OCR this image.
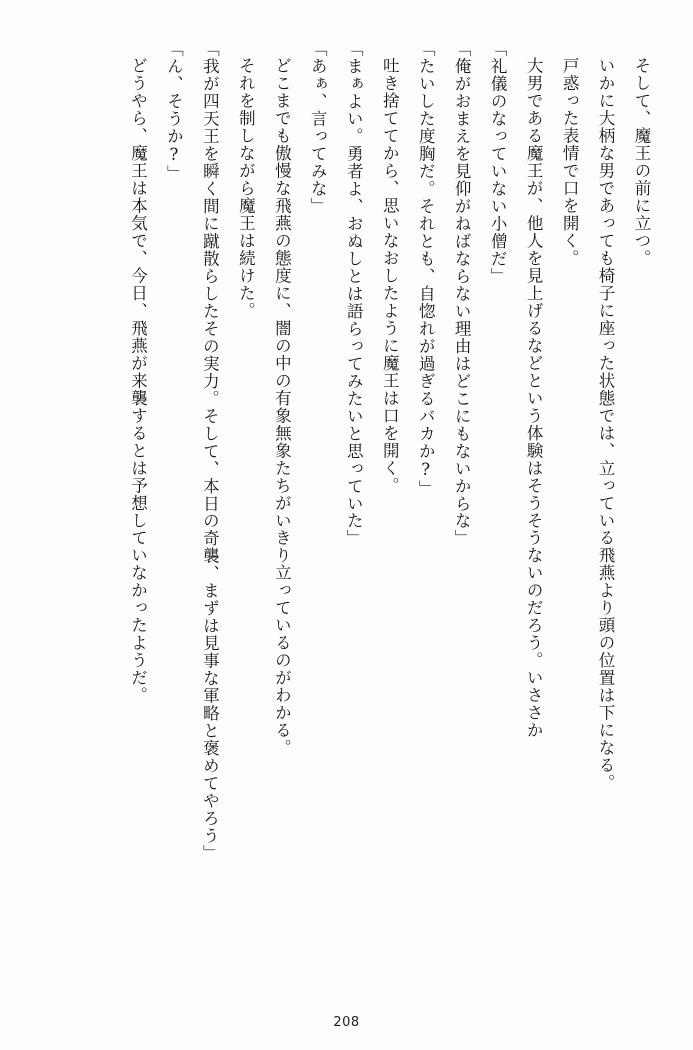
そして、魔王の前に立つ。

いかに大柄な男であっても椅子に座った状態では、立っている飛燕より頭の位置は下になる。

戸惑った表情で口を開く。

大男である魔王が、他人を見上げるなどという体験はそうそうないのだろう。いささか

「礼儀のなっていない小僧だ」

「俺がおまえを見仰がねばならない理由はどこにもないからな」

「たいした度胸だ。それとも、自惚れが過ぎるバカか?」

吐き捨ててから、思いなおしたように魔王は口を開く。

「まぁよい。勇者よ、おぬしとは語らってみたいと思っていた」

「あぁ、言ってみな」

どこまでも傲慢な飛燕の態度に、闇の中の有象無象たちがいきり立っているのがわかる。

それを制しながら魔王は続けた。

「我が四天王を瞬く間に蹴散らしたその実力。そして、本日の奇襲、まずは見事な軍略と褒めてやろう」

「ん、そうか?」

どうやら、魔王は本気で、今日、飛燕が来襲するとは予想していなかったようだ。

208
